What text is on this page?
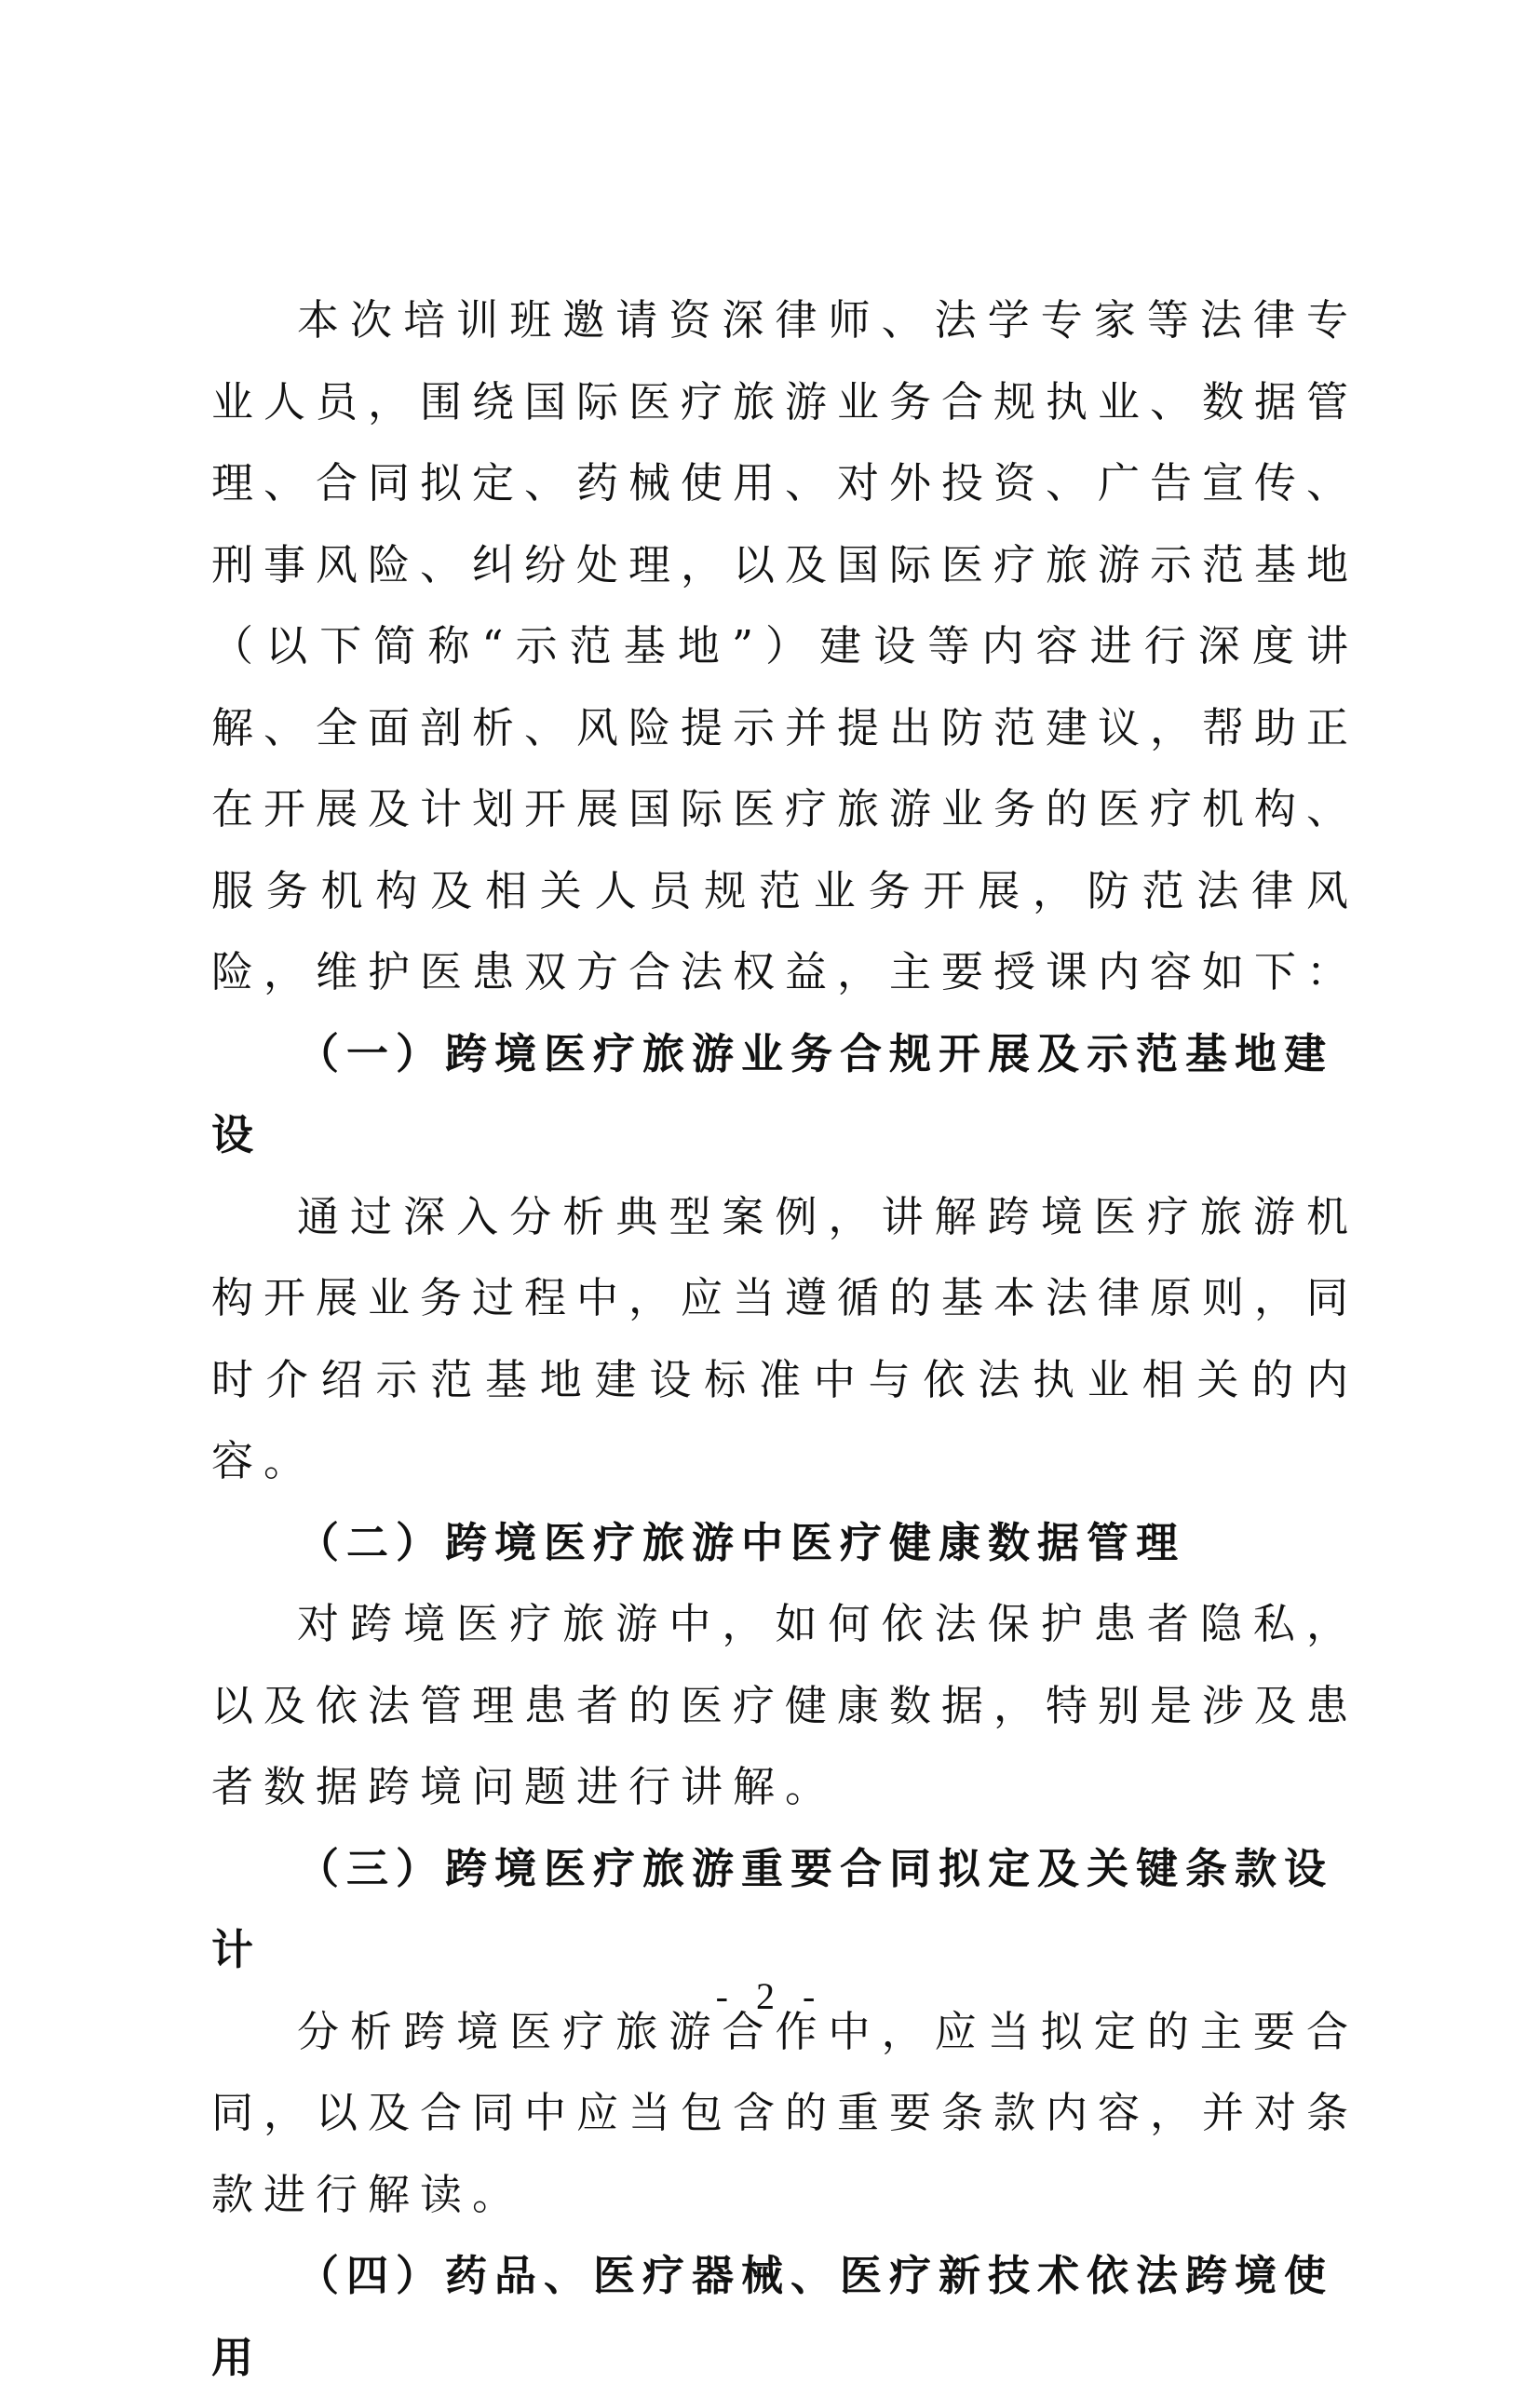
本次培训班邀请资深律师、法学专家等法律专业人员，围绕国际医疗旅游业务合规执业、数据管理、合同拟定、药械使用、对外投资、广告宣传、刑事风险、纠纷处理，以及国际医疗旅游示范基地（以下简称“示范基地”）建设等内容进行深度讲解、全面剖析、风险提示并提出防范建议，帮助正在开展及计划开展国际医疗旅游业务的医疗机构、服务机构及相关人员规范业务开展，防范法律风险，维护医患双方合法权益，主要授课内容如下：

（一）跨境医疗旅游业务合规开展及示范基地建设

通过深入分析典型案例，讲解跨境医疗旅游机构开展业务过程中，应当遵循的基本法律原则，同时介绍示范基地建设标准中与依法执业相关的内容。

（二）跨境医疗旅游中医疗健康数据管理

对跨境医疗旅游中，如何依法保护患者隐私，以及依法管理患者的医疗健康数据，特别是涉及患者数据跨境问题进行讲解。

（三）跨境医疗旅游重要合同拟定及关键条款设计

分析跨境医疗旅游合作中，应当拟定的主要合同，以及合同中应当包含的重要条款内容，并对条款进行解读。

（四）药品、医疗器械、医疗新技术依法跨境使用

- 2 -
